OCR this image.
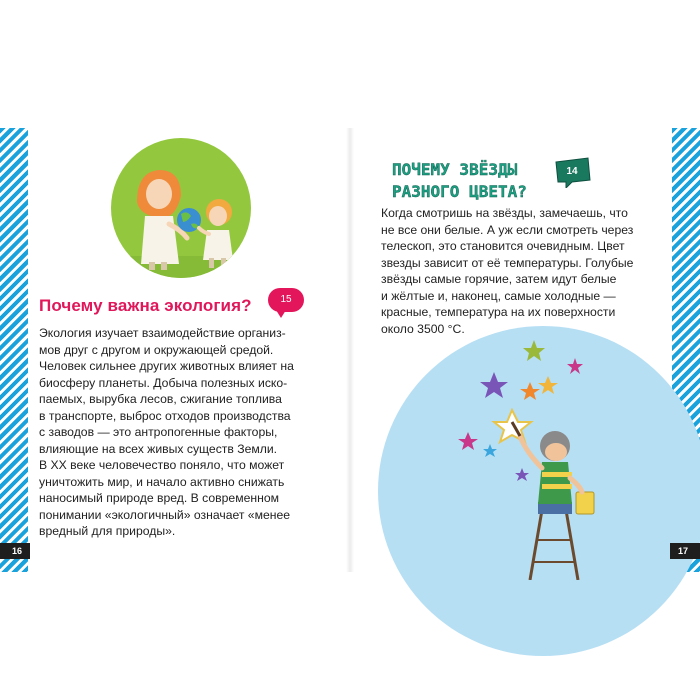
Почему важна экология?	15

Экология изучает взаимодействие организ-
мов друг с другом и окружающей средой.
Человек сильнее других животных влияет на
биосферу планеты. Добыча полезных иско-
паемых, вырубка лесов, сжигание топлива
в транспорте, выброс отходов производства
с заводов — это антропогенные факторы,
влияющие на всех живых существ Земли.
В XX веке человечество поняло, что может
уничтожить мир, и начало активно снижать
наносимый природе вред. В современном
понимании «экологичный» означает «менее
вредный для природы».

16
ПОЧЕМУ ЗВЁЗДЫ
РАЗНОГО ЦВЕТА?
14

Когда смотришь на звёзды, замечаешь, что
не все они белые. А уж если смотреть через
телескоп, это становится очевидным. Цвет
звезды зависит от её температуры. Голубые
звёзды самые горячие, затем идут белые
и жёлтые и, наконец, самые холодные —
красные, температура на их поверхности
около 3500 °C.

17
